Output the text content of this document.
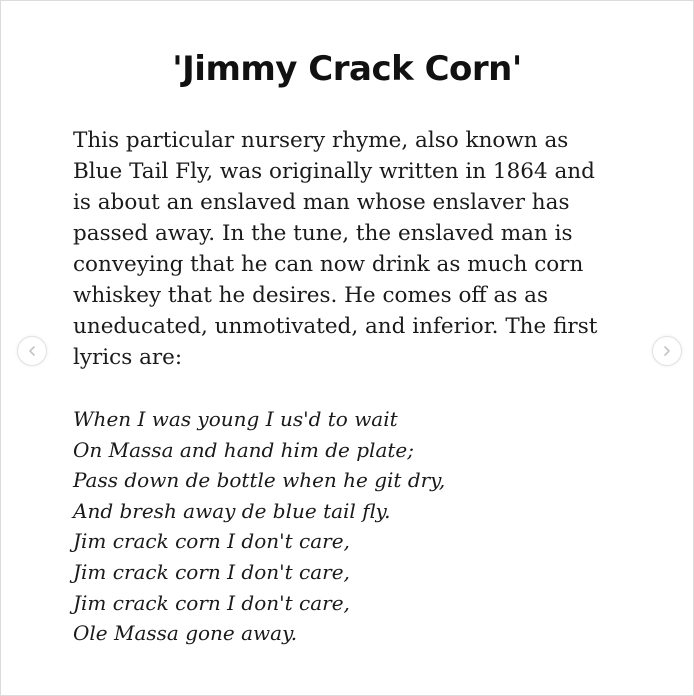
'Jimmy Crack Corn'

This particular nursery rhyme, also known as
Blue Tail Fly, was originally written in 1864 and
is about an enslaved man whose enslaver has
passed away. In the tune, the enslaved man is
conveying that he can now drink as much corn
whiskey that he desires. He comes off as as
uneducated, unmotivated, and inferior. The first
lyrics are:

When I was young I us'd to wait
On Massa and hand him de plate;
Pass down de bottle when he git dry,
And bresh away de blue tail fly.
Jim crack corn I don't care,
Jim crack corn I don't care,
Jim crack corn I don't care,
Ole Massa gone away.
